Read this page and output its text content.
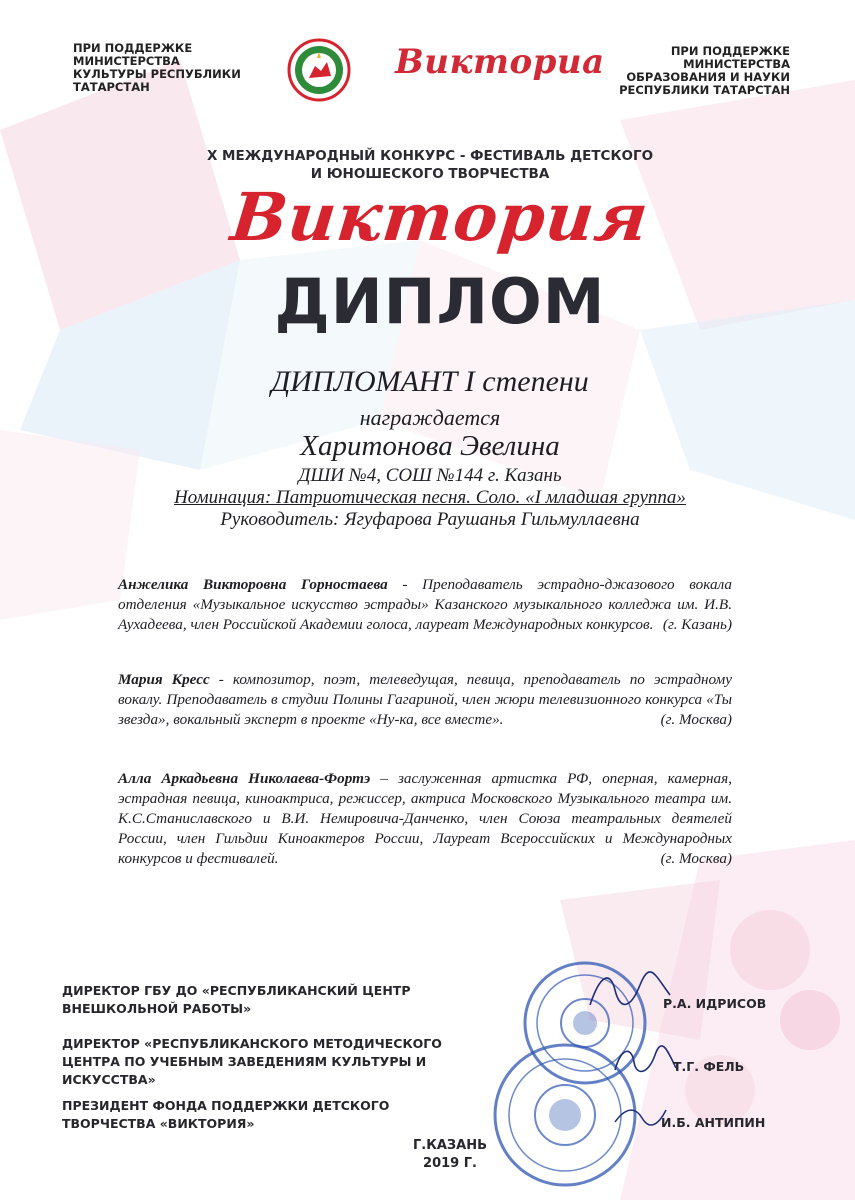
ПРИ ПОДДЕРЖКЕ
МИНИСТЕРСТВА
КУЛЬТУРЫ РЕСПУБЛИКИ
ТАТАРСТАН
Викториа	ПРИ ПОДДЕРЖКЕ
МИНИСТЕРСТВА
ОБРАЗОВАНИЯ И НАУКИ
РЕСПУБЛИКИ ТАТАРСТАН
X МЕЖДУНАРОДНЫЙ КОНКУРС - ФЕСТИВАЛЬ ДЕТСКОГО
И ЮНОШЕСКОГО ТВОРЧЕСТВА
Виктория
ДИПЛОМ
ДИПЛОМАНТ I степени
награждается
Харитонова Эвелина
ДШИ №4, СОШ №144 г. Казань
Номинация: Патриотическая песня. Соло. «I младшая группа»
Руководитель: Ягуфарова Раушанья Гильмуллаевна
Анжелика Викторовна Горностаева - Преподаватель эстрадно-джазового вокала отделения «Музыкальное искусство эстрады» Казанского музыкального колледжа им. И.В. Аухадеева, член Российской Академии голоса, лауреат Международных конкурсов. (г. Казань)
Мария Кресс - композитор, поэт, телеведущая, певица, преподаватель по эстрадному вокалу. Преподаватель в студии Полины Гагариной, член жюри телевизионного конкурса «Ты звезда», вокальный эксперт в проекте «Ну-ка, все вместе».	(г. Москва)
Алла Аркадьевна Николаева-Фортэ – заслуженная артистка РФ, оперная, камерная, эстрадная певица, киноактриса, режиссер, актриса Московского Музыкального театра им. К.С.Станиславского и В.И. Немировича-Данченко, член Союза театральных деятелей России, член Гильдии Киноактеров России, Лауреат Всероссийских и Международных конкурсов и фестивалей.	(г. Москва)
ДИРЕКТОР ГБУ ДО «РЕСПУБЛИКАНСКИЙ ЦЕНТР
ВНЕШКОЛЬНОЙ РАБОТЫ»	Р.А. ИДРИСОВ
ДИРЕКТОР «РЕСПУБЛИКАНСКОГО МЕТОДИЧЕСКОГО
ЦЕНТРА ПО УЧЕБНЫМ ЗАВЕДЕНИЯМ КУЛЬТУРЫ И ИСКУССТВА»
Т.Г. ФЕЛЬ
ПРЕЗИДЕНТ ФОНДА ПОДДЕРЖКИ ДЕТСКОГО
ТВОРЧЕСТВА «ВИКТОРИЯ»	И.Б. АНТИПИН
Г.КАЗАНЬ
2019 Г.
